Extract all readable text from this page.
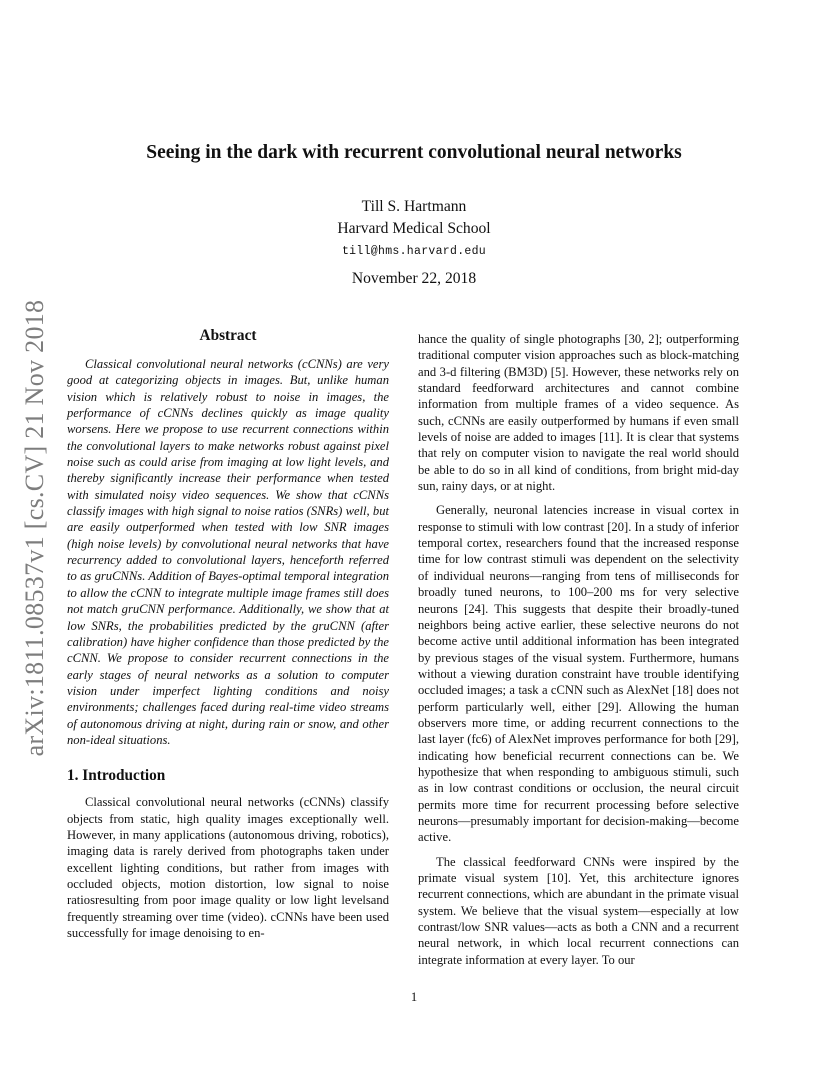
arXiv:1811.08537v1 [cs.CV] 21 Nov 2018
Seeing in the dark with recurrent convolutional neural networks
Till S. Hartmann
Harvard Medical School
till@hms.harvard.edu
November 22, 2018
Abstract

Classical convolutional neural networks (cCNNs) are very good at categorizing objects in images. But, unlike human vision which is relatively robust to noise in images, the performance of cCNNs declines quickly as image quality worsens. Here we propose to use recurrent connections within the convolutional layers to make networks robust against pixel noise such as could arise from imaging at low light levels, and thereby significantly increase their performance when tested with simulated noisy video sequences. We show that cCNNs classify images with high signal to noise ratios (SNRs) well, but are easily outperformed when tested with low SNR images (high noise levels) by convolutional neural networks that have recurrency added to convolutional layers, henceforth referred to as gruCNNs. Addition of Bayes-optimal temporal integration to allow the cCNN to integrate multiple image frames still does not match gruCNN performance. Additionally, we show that at low SNRs, the probabilities predicted by the gruCNN (after calibration) have higher confidence than those predicted by the cCNN. We propose to consider recurrent connections in the early stages of neural networks as a solution to computer vision under imperfect lighting conditions and noisy environments; challenges faced during real-time video streams of autonomous driving at night, during rain or snow, and other non-ideal situations.

1. Introduction

Classical convolutional neural networks (cCNNs) classify objects from static, high quality images exceptionally well. However, in many applications (autonomous driving, robotics), imaging data is rarely derived from photographs taken under excellent lighting conditions, but rather from images with occluded objects, motion distortion, low signal to noise ratiosresulting from poor image quality or low light levelsand frequently streaming over time (video). cCNNs have been used successfully for image denoising to en-

hance the quality of single photographs [30, 2]; outperforming traditional computer vision approaches such as block-matching and 3-d filtering (BM3D) [5]. However, these networks rely on standard feedforward architectures and cannot combine information from multiple frames of a video sequence. As such, cCNNs are easily outperformed by humans if even small levels of noise are added to images [11]. It is clear that systems that rely on computer vision to navigate the real world should be able to do so in all kind of conditions, from bright mid-day sun, rainy days, or at night.

Generally, neuronal latencies increase in visual cortex in response to stimuli with low contrast [20]. In a study of inferior temporal cortex, researchers found that the increased response time for low contrast stimuli was dependent on the selectivity of individual neurons—ranging from tens of milliseconds for broadly tuned neurons, to 100–200 ms for very selective neurons [24]. This suggests that despite their broadly-tuned neighbors being active earlier, these selective neurons do not become active until additional information has been integrated by previous stages of the visual system. Furthermore, humans without a viewing duration constraint have trouble identifying occluded images; a task a cCNN such as AlexNet [18] does not perform particularly well, either [29]. Allowing the human observers more time, or adding recurrent connections to the last layer (fc6) of AlexNet improves performance for both [29], indicating how beneficial recurrent connections can be. We hypothesize that when responding to ambiguous stimuli, such as in low contrast conditions or occlusion, the neural circuit permits more time for recurrent processing before selective neurons—presumably important for decision-making—become active.

The classical feedforward CNNs were inspired by the primate visual system [10]. Yet, this architecture ignores recurrent connections, which are abundant in the primate visual system. We believe that the visual system—especially at low contrast/low SNR values—acts as both a CNN and a recurrent neural network, in which local recurrent connections can integrate information at every layer. To our

1
